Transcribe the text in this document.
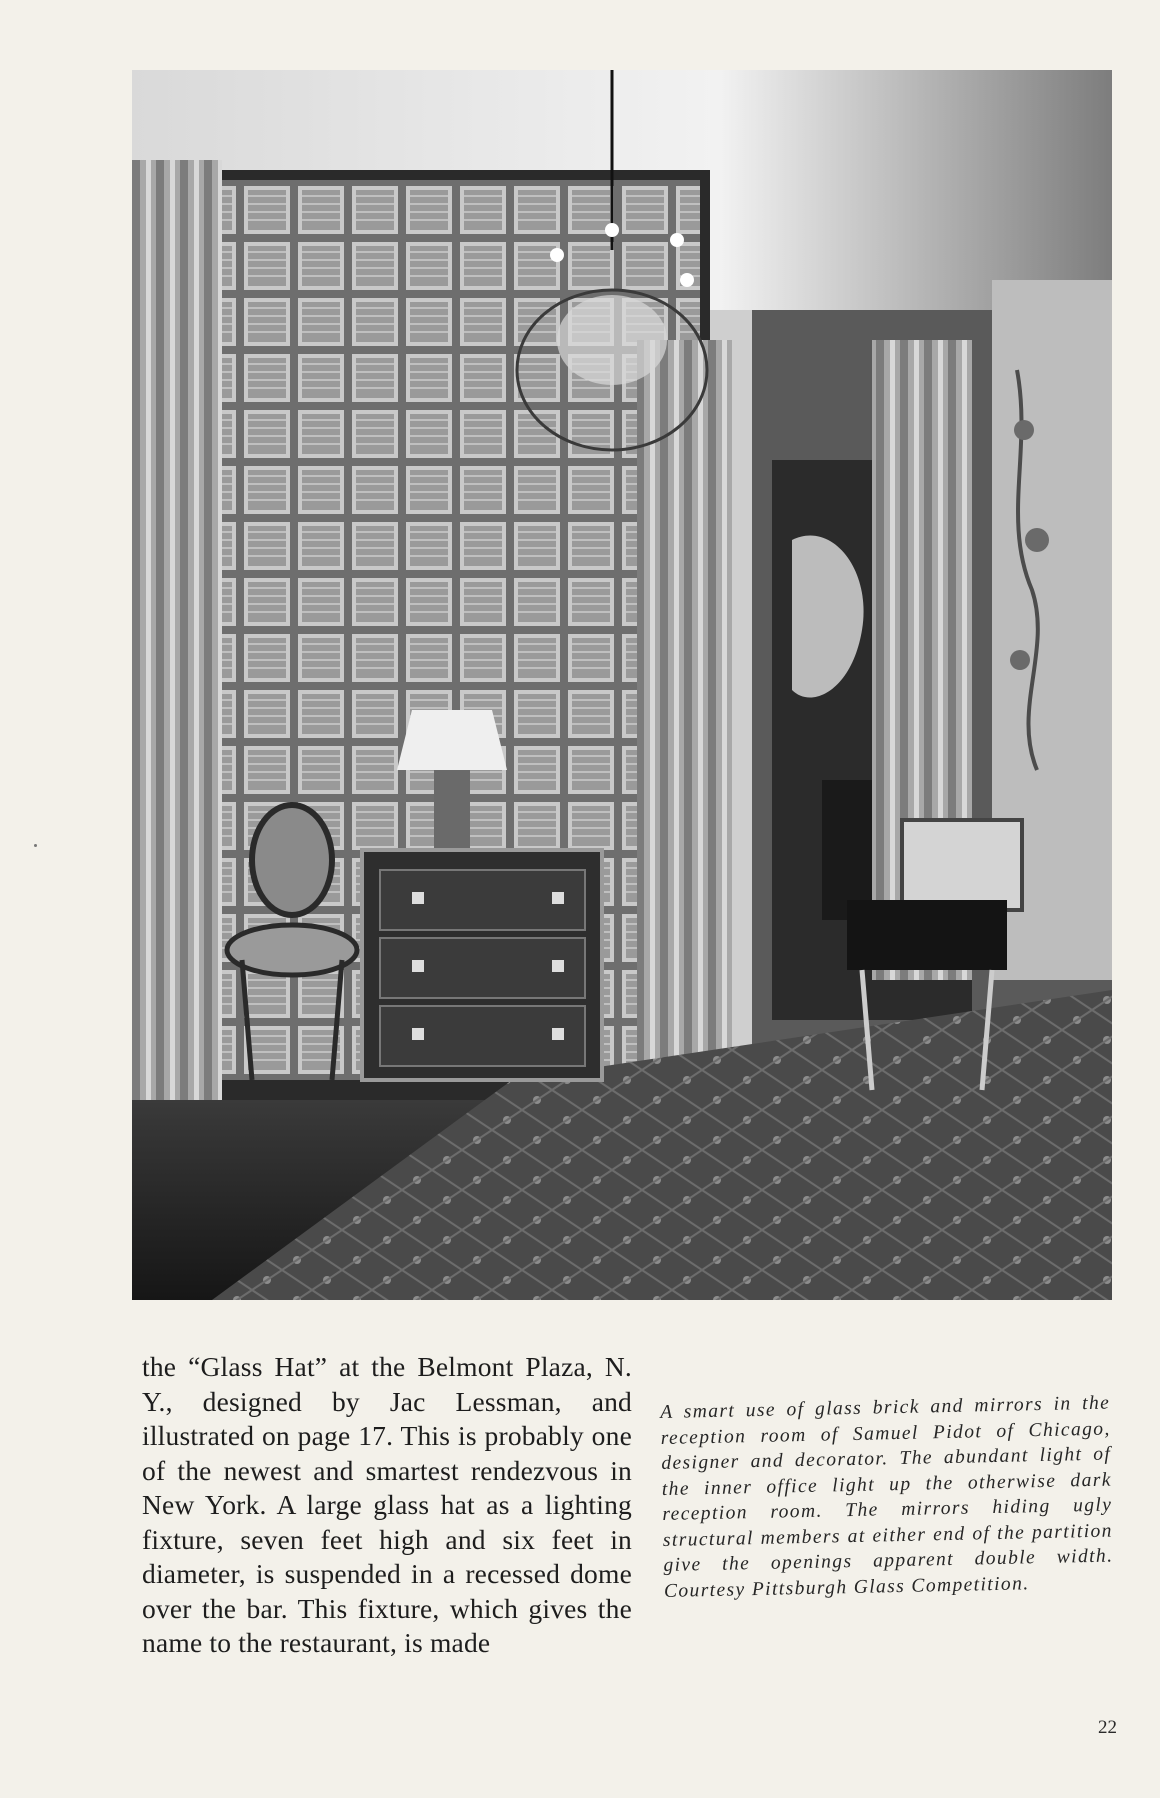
the “Glass Hat” at the Belmont Plaza, N. Y., designed by Jac Lessman, and illustrated on page 17. This is probably one of the newest and smartest rendezvous in New York. A large glass hat as a lighting fixture, seven feet high and six feet in diameter, is suspended in a recessed dome over the bar. This fixture, which gives the name to the restaurant, is made
A smart use of glass brick and mirrors in the reception room of Samuel Pidot of Chicago, designer and decorator. The abundant light of the inner office light up the otherwise dark reception room. The mirrors hiding ugly structural members at either end of the partition give the openings apparent double width. Courtesy Pittsburgh Glass Competition.
22
